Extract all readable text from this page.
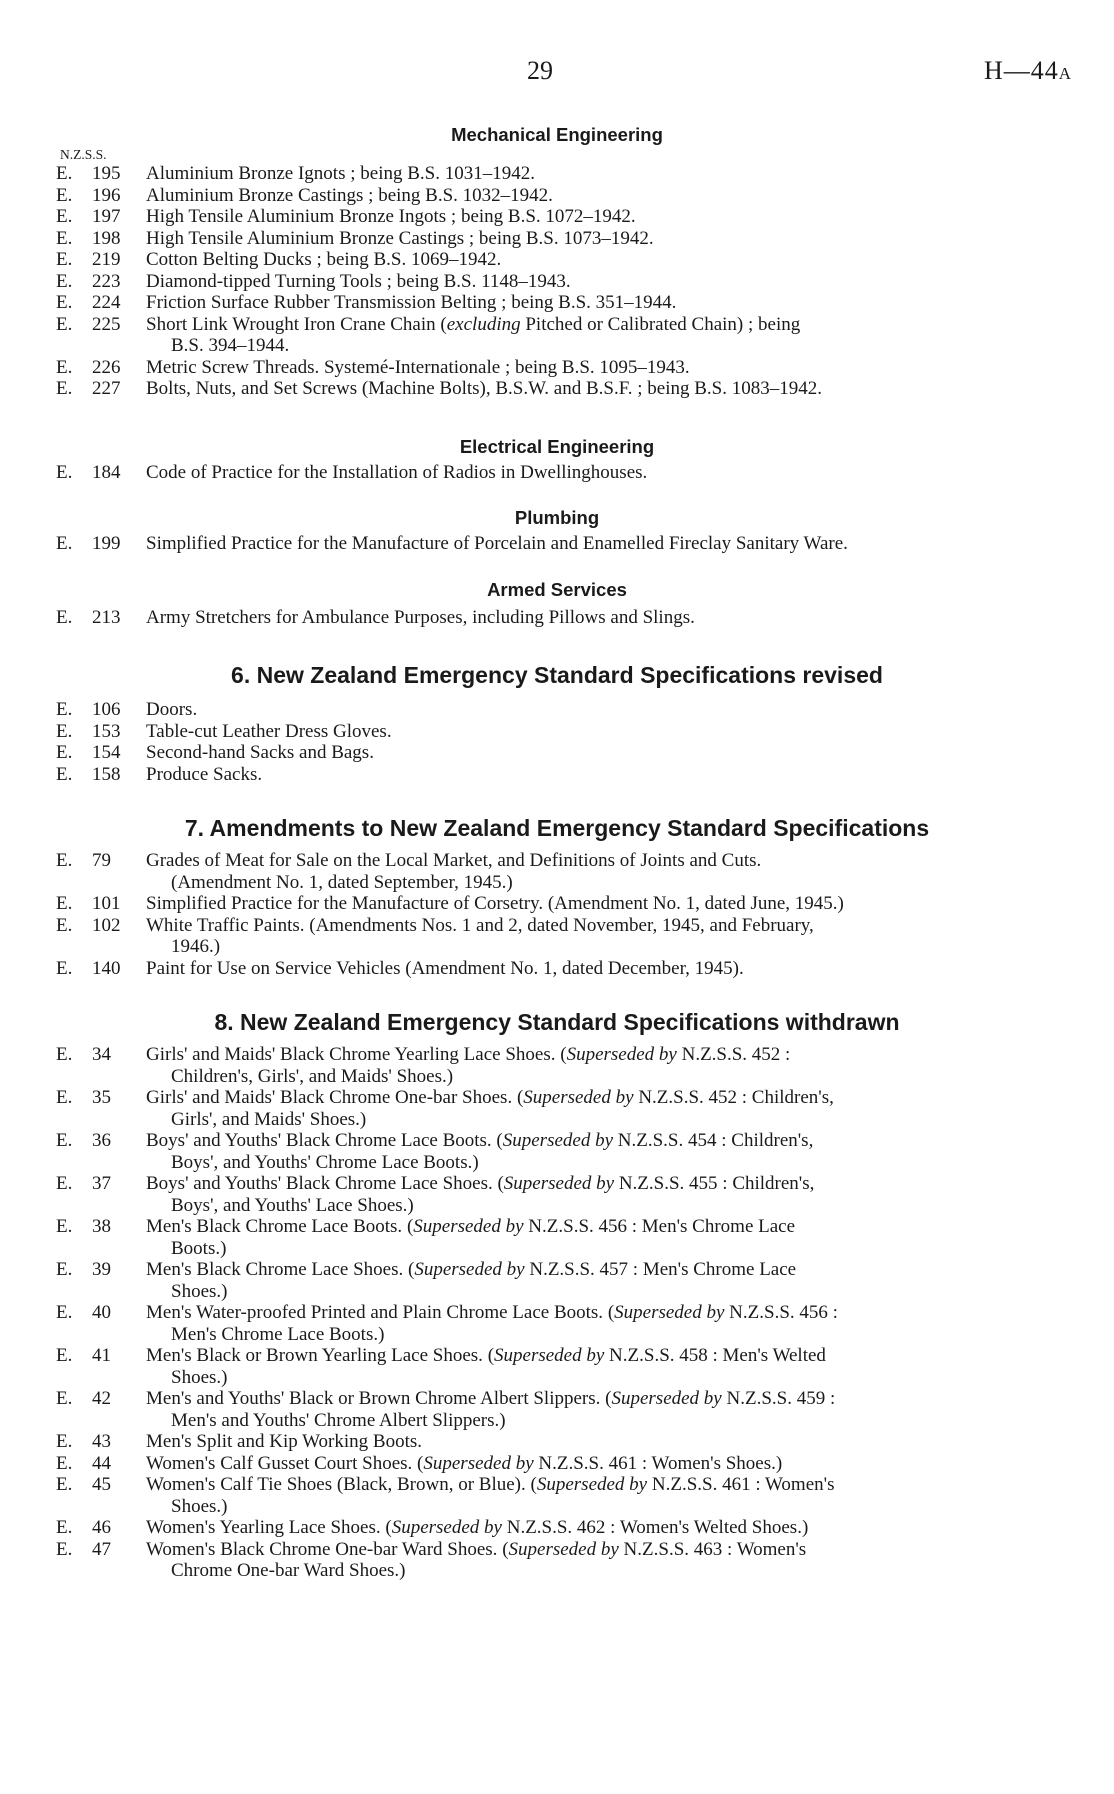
29	H—44A
Mechanical Engineering
N.Z.S.S.
E. 195	Aluminium Bronze Ignots ; being B.S. 1031–1942.
E. 196	Aluminium Bronze Castings ; being B.S. 1032–1942.
E. 197	High Tensile Aluminium Bronze Ingots ; being B.S. 1072–1942.
E. 198	High Tensile Aluminium Bronze Castings ; being B.S. 1073–1942.
E. 219	Cotton Belting Ducks ; being B.S. 1069–1942.
E. 223	Diamond-tipped Turning Tools ; being B.S. 1148–1943.
E. 224	Friction Surface Rubber Transmission Belting ; being B.S. 351–1944.
E. 225	Short Link Wrought Iron Crane Chain (excluding Pitched or Calibrated Chain) ; being
B.S. 394–1944.
E. 226	Metric Screw Threads. Systemé-Internationale ; being B.S. 1095–1943.
E. 227	Bolts, Nuts, and Set Screws (Machine Bolts), B.S.W. and B.S.F. ; being B.S. 1083–1942.
Electrical Engineering
E. 184	Code of Practice for the Installation of Radios in Dwellinghouses.
Plumbing
E. 199	Simplified Practice for the Manufacture of Porcelain and Enamelled Fireclay Sanitary Ware.
Armed Services
E. 213	Army Stretchers for Ambulance Purposes, including Pillows and Slings.
6. New Zealand Emergency Standard Specifications revised
E. 106	Doors.
E. 153	Table-cut Leather Dress Gloves.
E. 154	Second-hand Sacks and Bags.
E. 158	Produce Sacks.
7. Amendments to New Zealand Emergency Standard Specifications
E. 79	Grades of Meat for Sale on the Local Market, and Definitions of Joints and Cuts.
(Amendment No. 1, dated September, 1945.)
E. 101	Simplified Practice for the Manufacture of Corsetry. (Amendment No. 1, dated June, 1945.)
E. 102	White Traffic Paints. (Amendments Nos. 1 and 2, dated November, 1945, and February,
1946.)
E. 140	Paint for Use on Service Vehicles (Amendment No. 1, dated December, 1945).
8. New Zealand Emergency Standard Specifications withdrawn
E. 34	Girls' and Maids' Black Chrome Yearling Lace Shoes. (Superseded by N.Z.S.S. 452 :
Children's, Girls', and Maids' Shoes.)
E. 35	Girls' and Maids' Black Chrome One-bar Shoes. (Superseded by N.Z.S.S. 452 : Children's,
Girls', and Maids' Shoes.)
E. 36	Boys' and Youths' Black Chrome Lace Boots. (Superseded by N.Z.S.S. 454 : Children's,
Boys', and Youths' Chrome Lace Boots.)
E. 37	Boys' and Youths' Black Chrome Lace Shoes. (Superseded by N.Z.S.S. 455 : Children's,
Boys', and Youths' Lace Shoes.)
E. 38	Men's Black Chrome Lace Boots. (Superseded by N.Z.S.S. 456 : Men's Chrome Lace
Boots.)
E. 39	Men's Black Chrome Lace Shoes. (Superseded by N.Z.S.S. 457 : Men's Chrome Lace
Shoes.)
E. 40	Men's Water-proofed Printed and Plain Chrome Lace Boots. (Superseded by N.Z.S.S. 456 :
Men's Chrome Lace Boots.)
E. 41	Men's Black or Brown Yearling Lace Shoes. (Superseded by N.Z.S.S. 458 : Men's Welted
Shoes.)
E. 42	Men's and Youths' Black or Brown Chrome Albert Slippers. (Superseded by N.Z.S.S. 459 :
Men's and Youths' Chrome Albert Slippers.)
E. 43	Men's Split and Kip Working Boots.
E. 44	Women's Calf Gusset Court Shoes. (Superseded by N.Z.S.S. 461 : Women's Shoes.)
E. 45	Women's Calf Tie Shoes (Black, Brown, or Blue). (Superseded by N.Z.S.S. 461 : Women's
Shoes.)
E. 46	Women's Yearling Lace Shoes. (Superseded by N.Z.S.S. 462 : Women's Welted Shoes.)
E. 47	Women's Black Chrome One-bar Ward Shoes. (Superseded by N.Z.S.S. 463 : Women's
Chrome One-bar Ward Shoes.)
